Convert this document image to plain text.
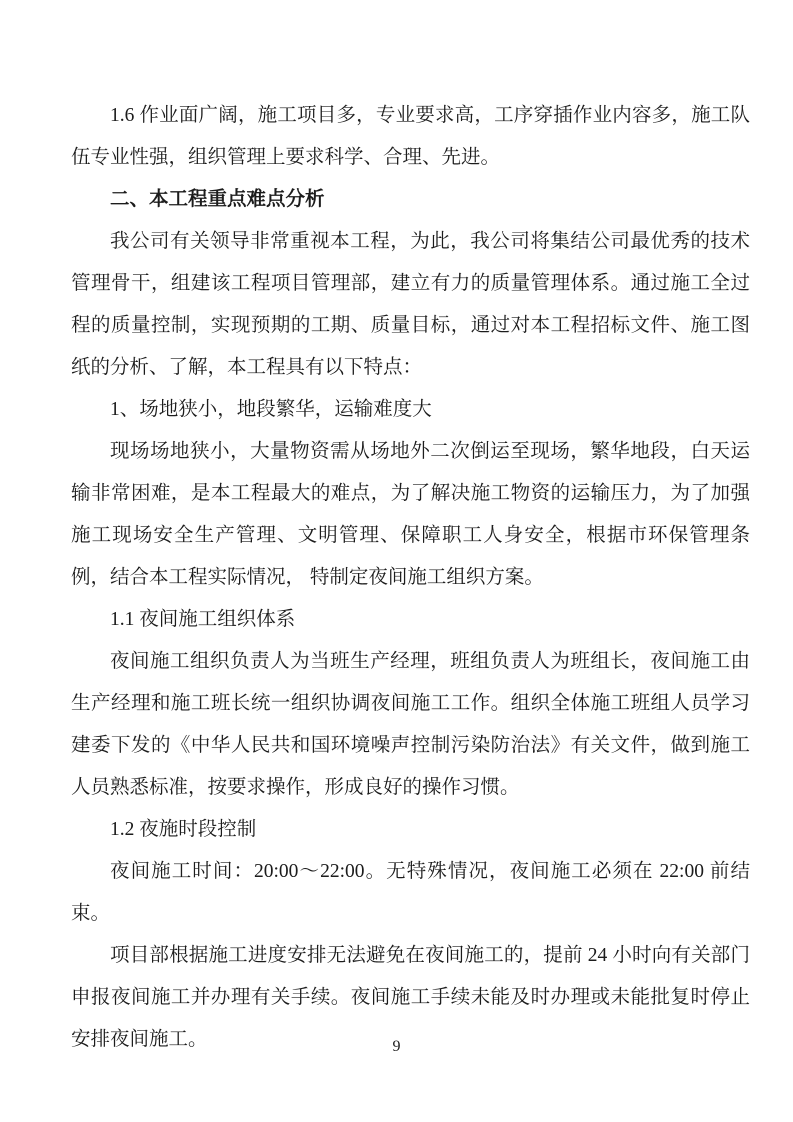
1.6 作业面广阔，施工项目多，专业要求高，工序穿插作业内容多，施工队伍专业性强，组织管理上要求科学、合理、先进。

二、本工程重点难点分析

我公司有关领导非常重视本工程，为此，我公司将集结公司最优秀的技术管理骨干，组建该工程项目管理部，建立有力的质量管理体系。通过施工全过程的质量控制，实现预期的工期、质量目标，通过对本工程招标文件、施工图纸的分析、了解，本工程具有以下特点：

1、场地狭小，地段繁华，运输难度大

现场场地狭小，大量物资需从场地外二次倒运至现场，繁华地段，白天运输非常困难，是本工程最大的难点，为了解决施工物资的运输压力，为了加强施工现场安全生产管理、文明管理、保障职工人身安全，根据市环保管理条例，结合本工程实际情况， 特制定夜间施工组织方案。

1.1 夜间施工组织体系

夜间施工组织负责人为当班生产经理，班组负责人为班组长，夜间施工由生产经理和施工班长统一组织协调夜间施工工作。组织全体施工班组人员学习建委下发的《中华人民共和国环境噪声控制污染防治法》有关文件，做到施工人员熟悉标准，按要求操作，形成良好的操作习惯。

1.2 夜施时段控制

夜间施工时间：20:00～22:00。无特殊情况，夜间施工必须在 22:00 前结束。

项目部根据施工进度安排无法避免在夜间施工的，提前 24 小时向有关部门申报夜间施工并办理有关手续。夜间施工手续未能及时办理或未能批复时停止安排夜间施工。	9
